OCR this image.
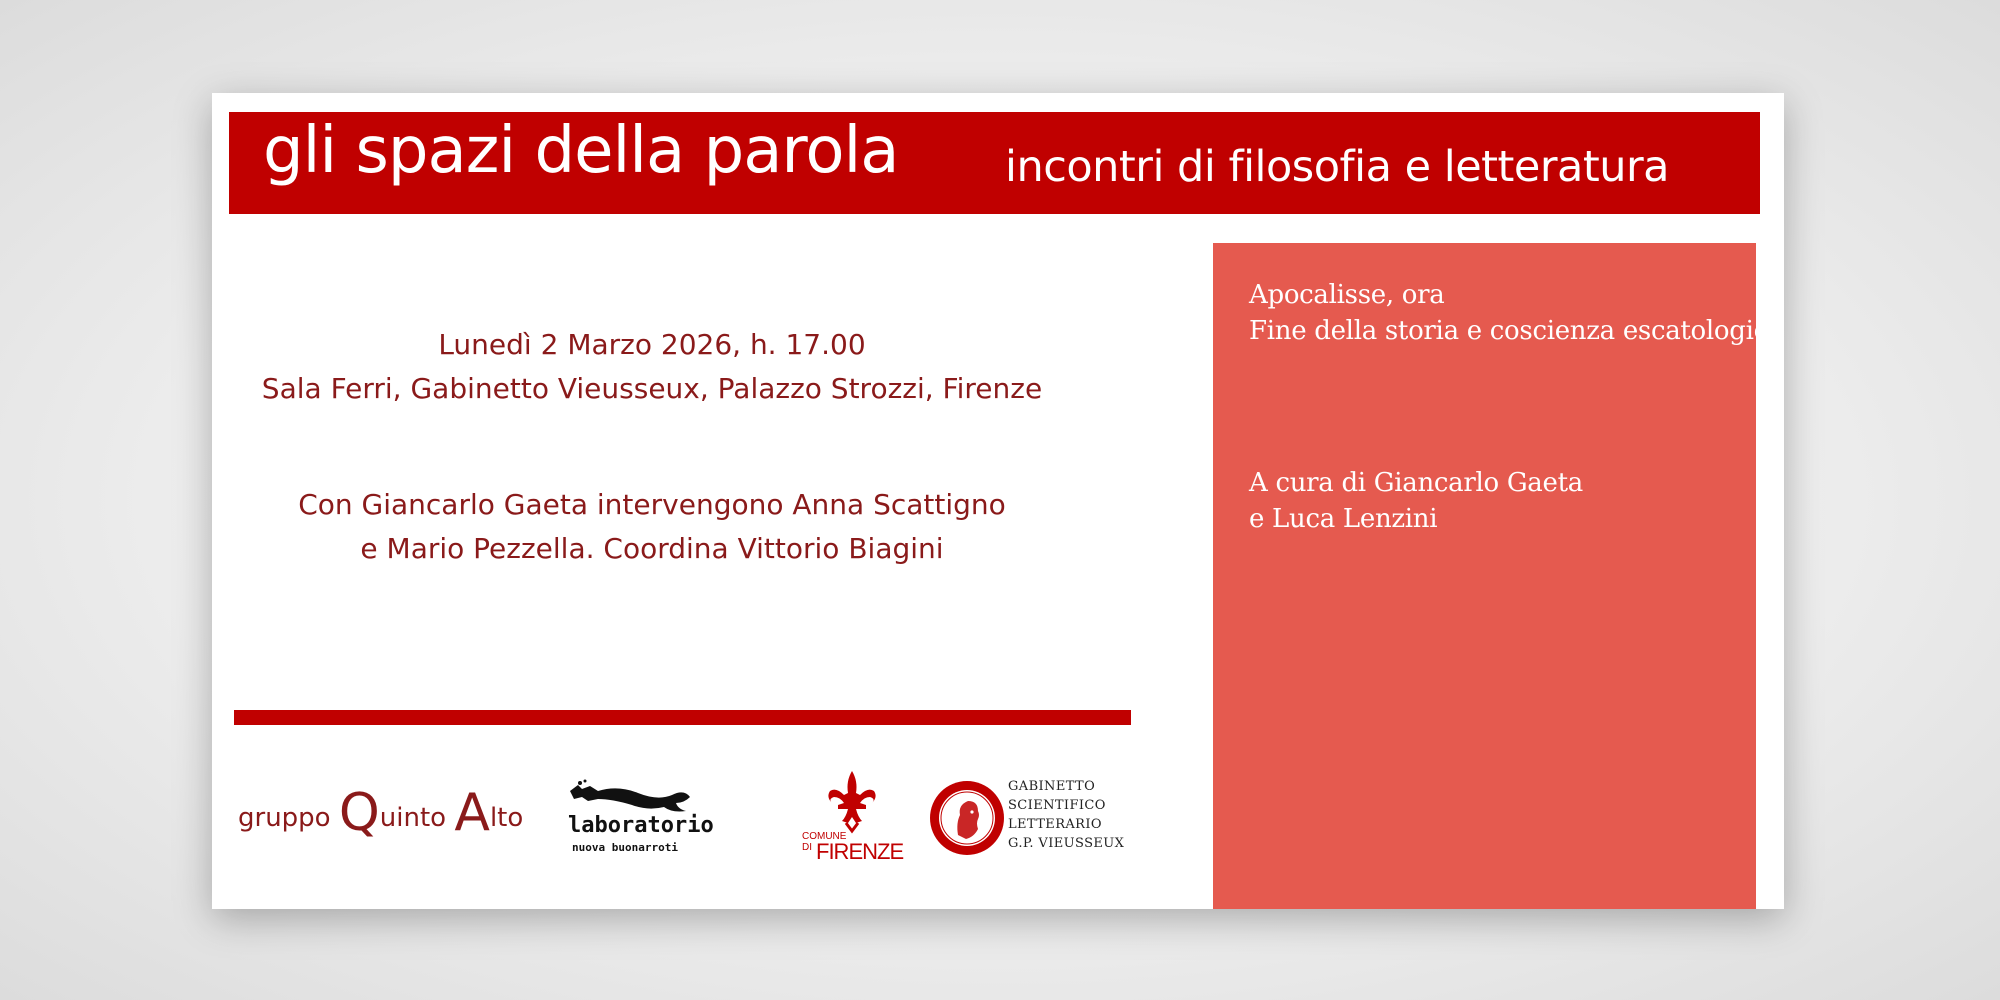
gli spazi della parola incontri di filosofia e letteratura
Lunedì 2 Marzo 2026, h. 17.00
Sala Ferri, Gabinetto Vieusseux, Palazzo Strozzi, Firenze
Con Giancarlo Gaeta intervengono Anna Scattigno
e Mario Pezzella. Coordina Vittorio Biagini
Apocalisse, ora
Fine della storia e coscienza escatologica
A cura di Giancarlo Gaeta
e Luca Lenzini
gruppo Quinto Alto laboratorio
nuova buonarroti
COMUNE
DI FIRENZE
GABINETTO
SCIENTIFICO
LETTERARIO
G.P. VIEUSSEUX
